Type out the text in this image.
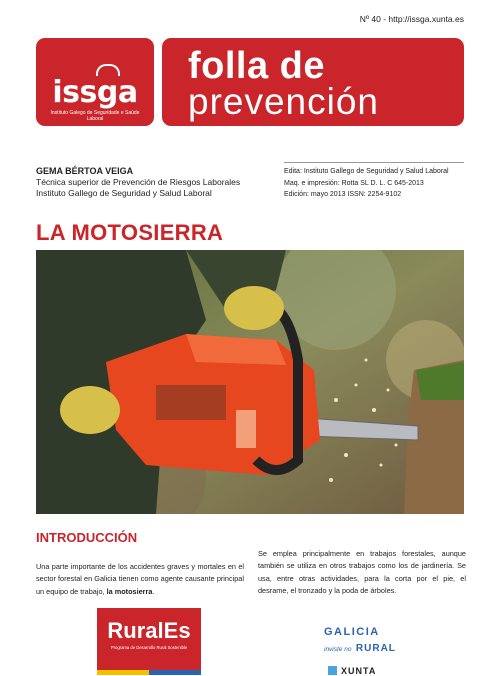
Nº 40 - http://issga.xunta.es
issga
Instituto Galego de Seguridade e Saúde Laboral
folla de
prevención
GEMA BÉRTOA VEIGA
Técnica superior de Prevención de Riesgos Laborales
Instituto Gallego de Seguridad y Salud Laboral
Edita: Instituto Gallego de Seguridad y Salud Laboral
Maq. e impresión: Rotta SL D. L. C 645-2013
Edición: mayo 2013 ISSN: 2254-9102
LA MOTOSIERRA
INTRODUCCIÓN
Una parte importante de los accidentes graves y mortales en el sector forestal en Galicia tienen como agente causante principal un equipo de trabajo, la motosierra.
Se emplea principalmente en trabajos forestales, aunque también se utiliza en otros trabajos como los de jardinería. Se usa, entre otras actividades, para la corta por el pie, el desrame, el tronzado y la poda de árboles.
RuralEs
Programa de Desarrollo Rural Sostenible
GALICIA
inviste no RURAL
XUNTA
